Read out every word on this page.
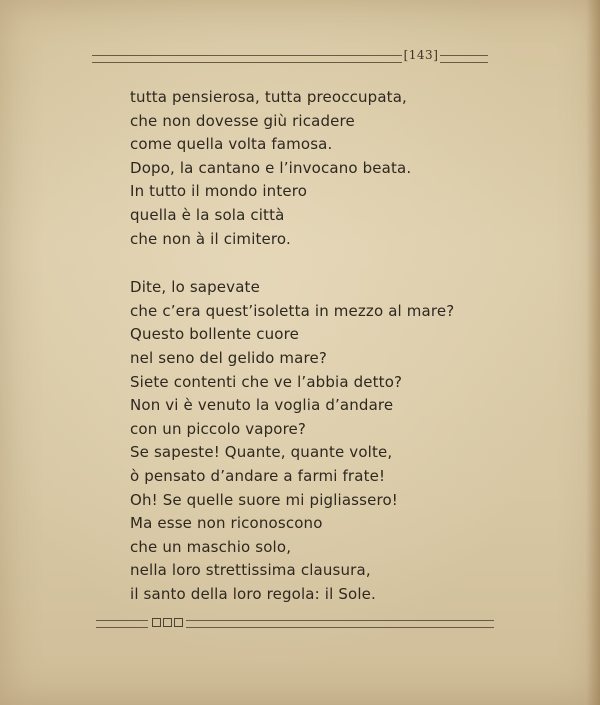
[143]
tutta pensierosa, tutta preoccupata,
che non dovesse giù ricadere
come quella volta famosa.
Dopo, la cantano e l’invocano beata.
In tutto il mondo intero
quella è la sola città
che non à il cimitero.
Dite, lo sapevate
che c’era quest’isoletta in mezzo al mare?
Questo bollente cuore
nel seno del gelido mare?
Siete contenti che ve l’abbia detto?
Non vi è venuto la voglia d’andare
con un piccolo vapore?
Se sapeste! Quante, quante volte,
ò pensato d’andare a farmi frate!
Oh! Se quelle suore mi pigliassero!
Ma esse non riconoscono
che un maschio solo,
nella loro strettissima clausura,
il santo della loro regola: il Sole.
